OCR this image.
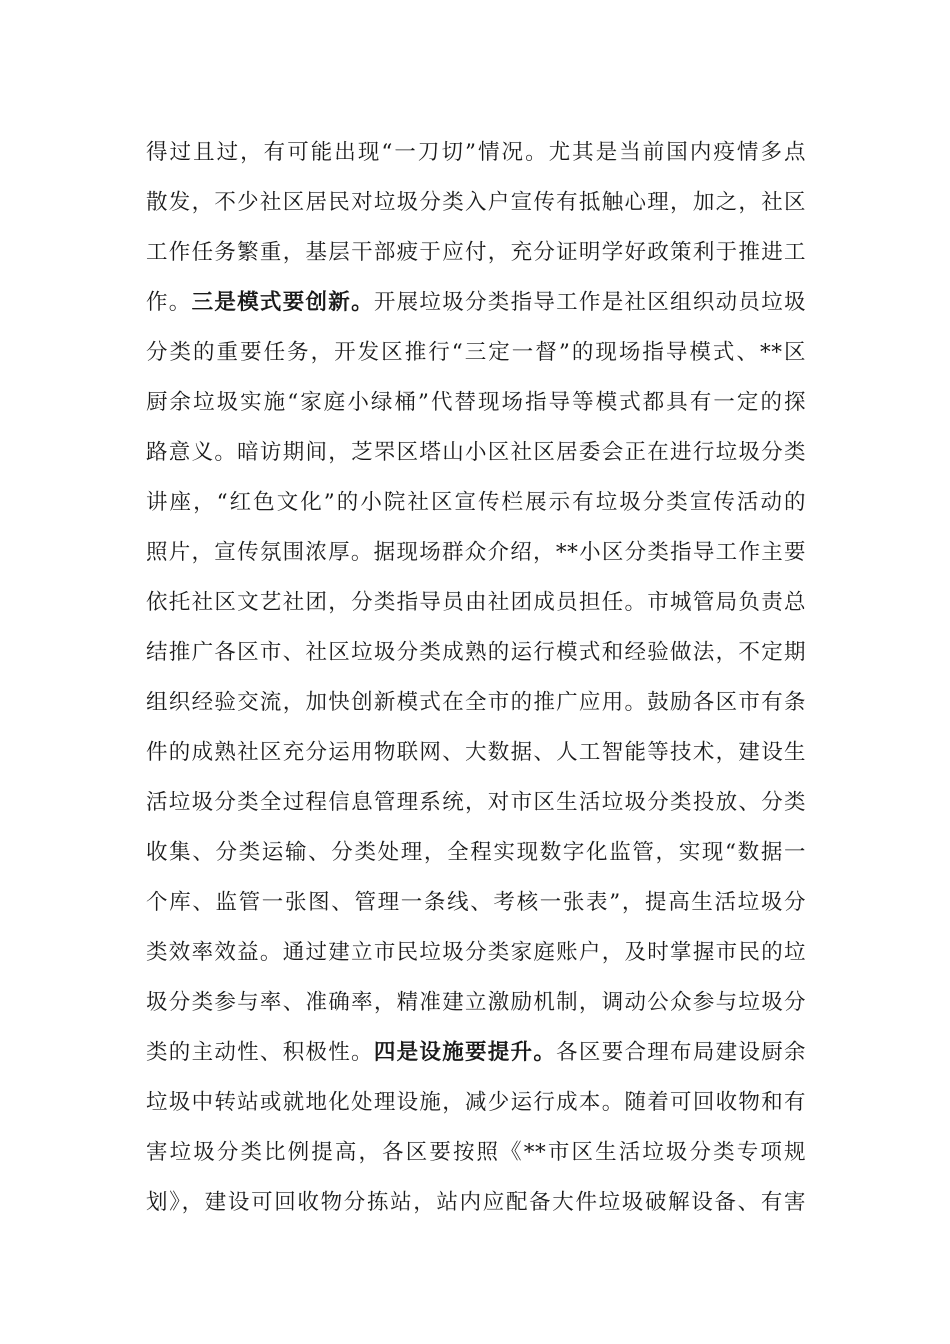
得过且过，有可能出现“一刀切”情况。尤其是当前国内疫情多点
散发，不少社区居民对垃圾分类入户宣传有抵触心理，加之，社区
工作任务繁重，基层干部疲于应付，充分证明学好政策利于推进工
作。三是模式要创新。开展垃圾分类指导工作是社区组织动员垃圾
分类的重要任务，开发区推行“三定一督”的现场指导模式、**区
厨余垃圾实施“家庭小绿桶”代替现场指导等模式都具有一定的探
路意义。暗访期间，芝罘区塔山小区社区居委会正在进行垃圾分类
讲座，“红色文化”的小院社区宣传栏展示有垃圾分类宣传活动的
照片，宣传氛围浓厚。据现场群众介绍，**小区分类指导工作主要
依托社区文艺社团，分类指导员由社团成员担任。市城管局负责总
结推广各区市、社区垃圾分类成熟的运行模式和经验做法，不定期
组织经验交流，加快创新模式在全市的推广应用。鼓励各区市有条
件的成熟社区充分运用物联网、大数据、人工智能等技术，建设生
活垃圾分类全过程信息管理系统，对市区生活垃圾分类投放、分类
收集、分类运输、分类处理，全程实现数字化监管，实现“数据一
个库、监管一张图、管理一条线、考核一张表”，提高生活垃圾分
类效率效益。通过建立市民垃圾分类家庭账户，及时掌握市民的垃
圾分类参与率、准确率，精准建立激励机制，调动公众参与垃圾分
类的主动性、积极性。四是设施要提升。各区要合理布局建设厨余
垃圾中转站或就地化处理设施，减少运行成本。随着可回收物和有
害垃圾分类比例提高，各区要按照《**市区生活垃圾分类专项规
划》，建设可回收物分拣站，站内应配备大件垃圾破解设备、有害
